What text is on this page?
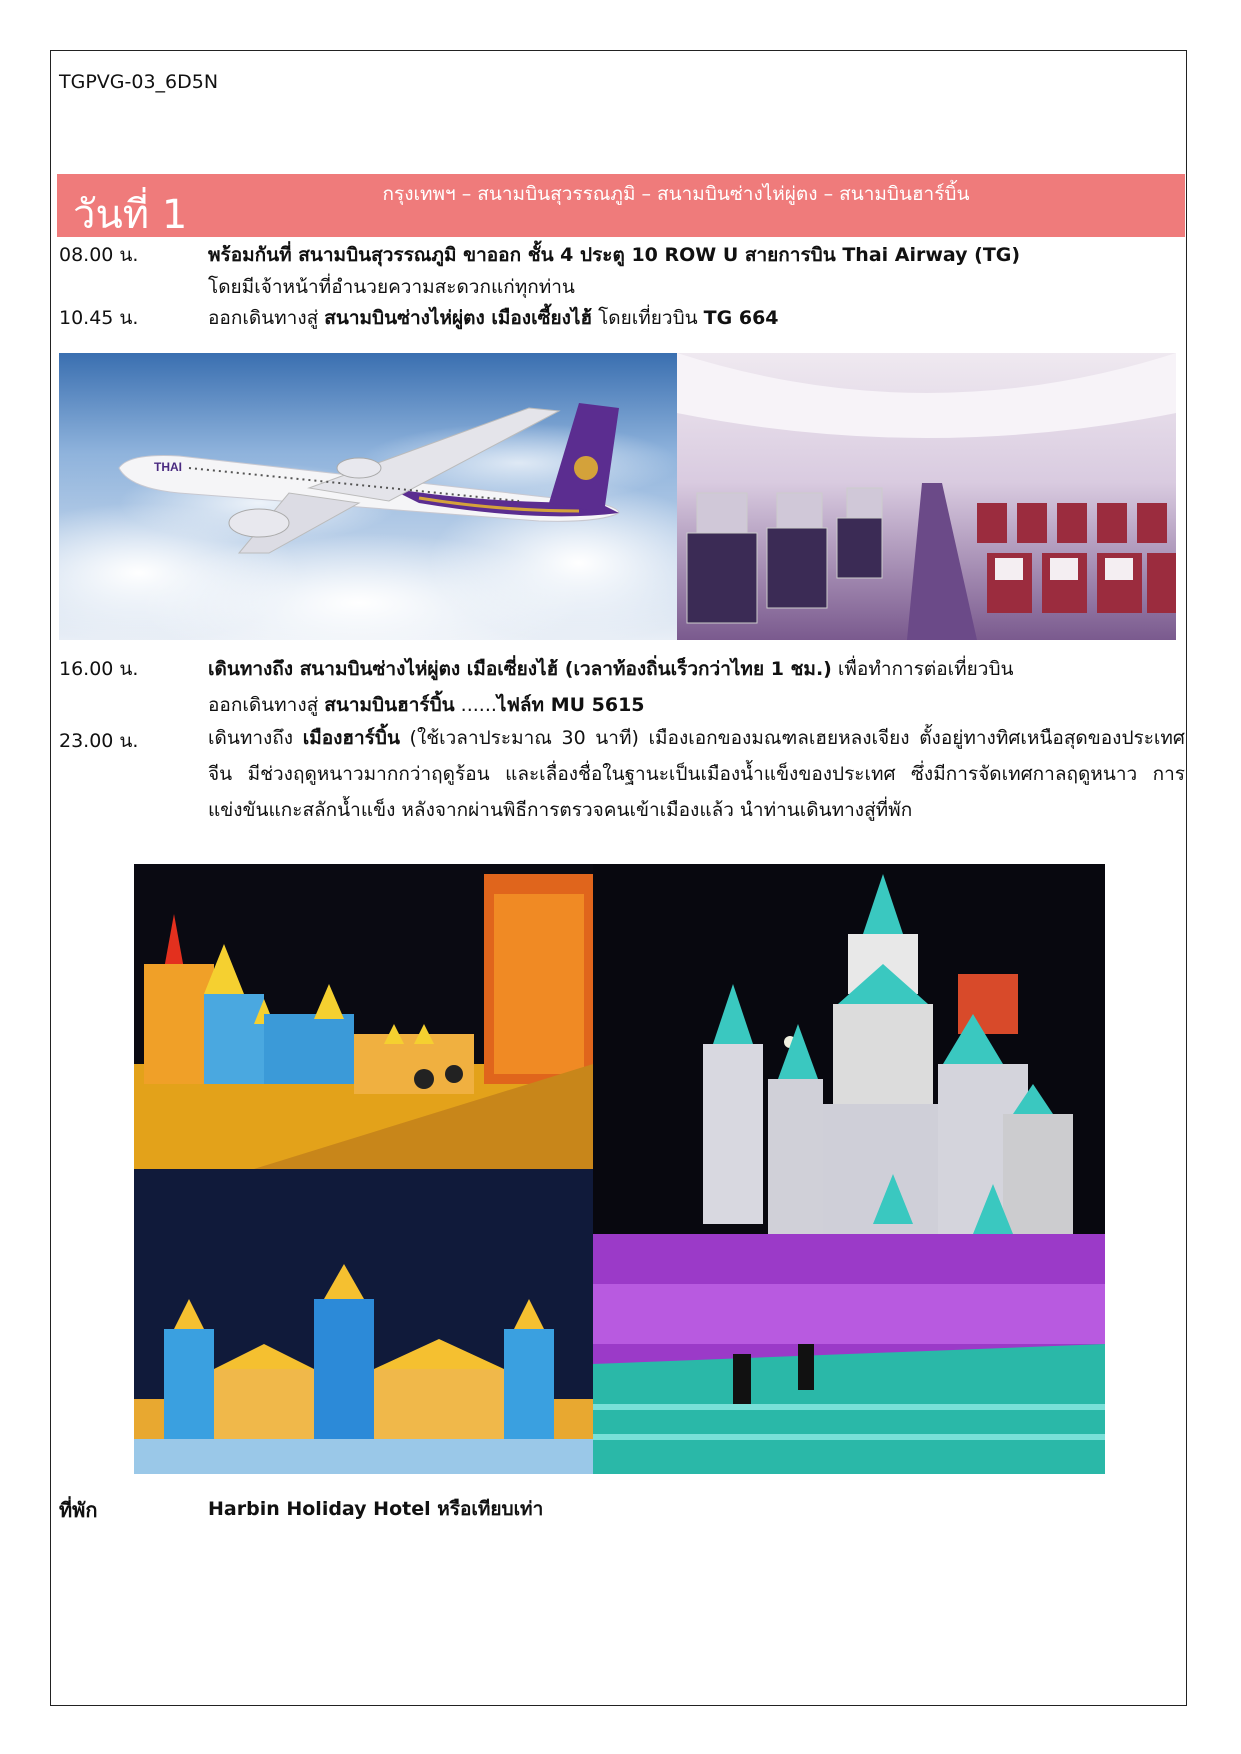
TGPVG-03_6D5N
วันที่ 1	กรุงเทพฯ – สนามบินสุวรรณภูมิ – สนามบินซ่างไห่ผู่ตง – สนามบินฮาร์บิ้น
08.00 น.	พร้อมกันที่ สนามบินสุวรรณภูมิ ขาออก ชั้น 4 ประตู 10 ROW U สายการบิน Thai Airway (TG)
โดยมีเจ้าหน้าที่อำนวยความสะดวกแก่ทุกท่าน
10.45 น.	ออกเดินทางสู่ สนามบินซ่างไห่ผู่ตง เมืองเซี้ยงไฮ้ โดยเที่ยวบิน TG 664
THAI
16.00 น.	เดินทางถึง สนามบินซ่างไห่ผู่ตง เมือเซี่ยงไฮ้ (เวลาท้องถิ่นเร็วกว่าไทย 1 ชม.) เพื่อทำการต่อเที่ยวบิน
ออกเดินทางสู่ สนามบินฮาร์บิ้น ......ไฟล์ท MU 5615
23.00 น.	เดินทางถึง เมืองฮาร์บิ้น (ใช้เวลาประมาณ 30 นาที) เมืองเอกของมณฑลเฮยหลงเจียง ตั้งอยู่ทางทิศเหนือสุดของประเทศจีน มีช่วงฤดูหนาวมากกว่าฤดูร้อน และเลื่องชื่อในฐานะเป็นเมืองน้ำแข็งของประเทศ ซึ่งมีการจัดเทศกาลฤดูหนาว การแข่งขันแกะสลักน้ำแข็ง หลังจากผ่านพิธีการตรวจคนเข้าเมืองแล้ว นำท่านเดินทางสู่ที่พัก
ที่พัก	Harbin Holiday Hotel หรือเทียบเท่า
